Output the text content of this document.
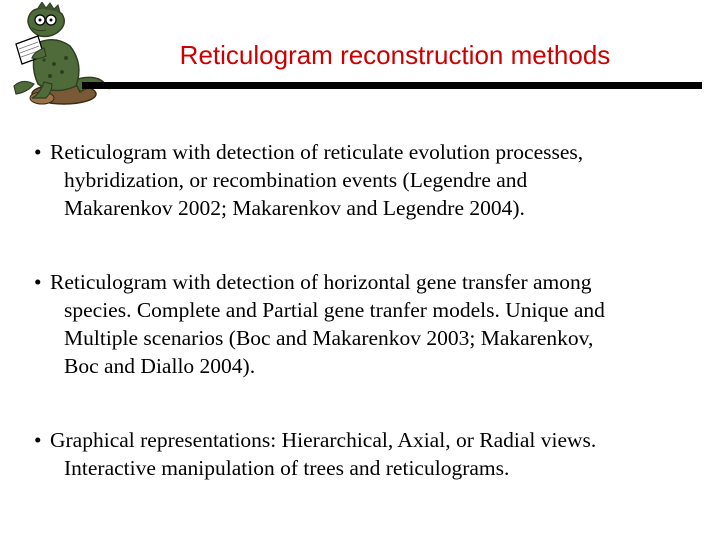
Reticulogram reconstruction methods
• Reticulogram with detection of reticulate evolution processes,
hybridization, or recombination events (Legendre and
Makarenkov 2002; Makarenkov and Legendre 2004).
• Reticulogram with detection of horizontal gene transfer among
species. Complete and Partial gene tranfer models. Unique and
Multiple scenarios (Boc and Makarenkov 2003; Makarenkov,
Boc and Diallo 2004).
• Graphical representations: Hierarchical, Axial, or Radial views.
Interactive manipulation of trees and reticulograms.
